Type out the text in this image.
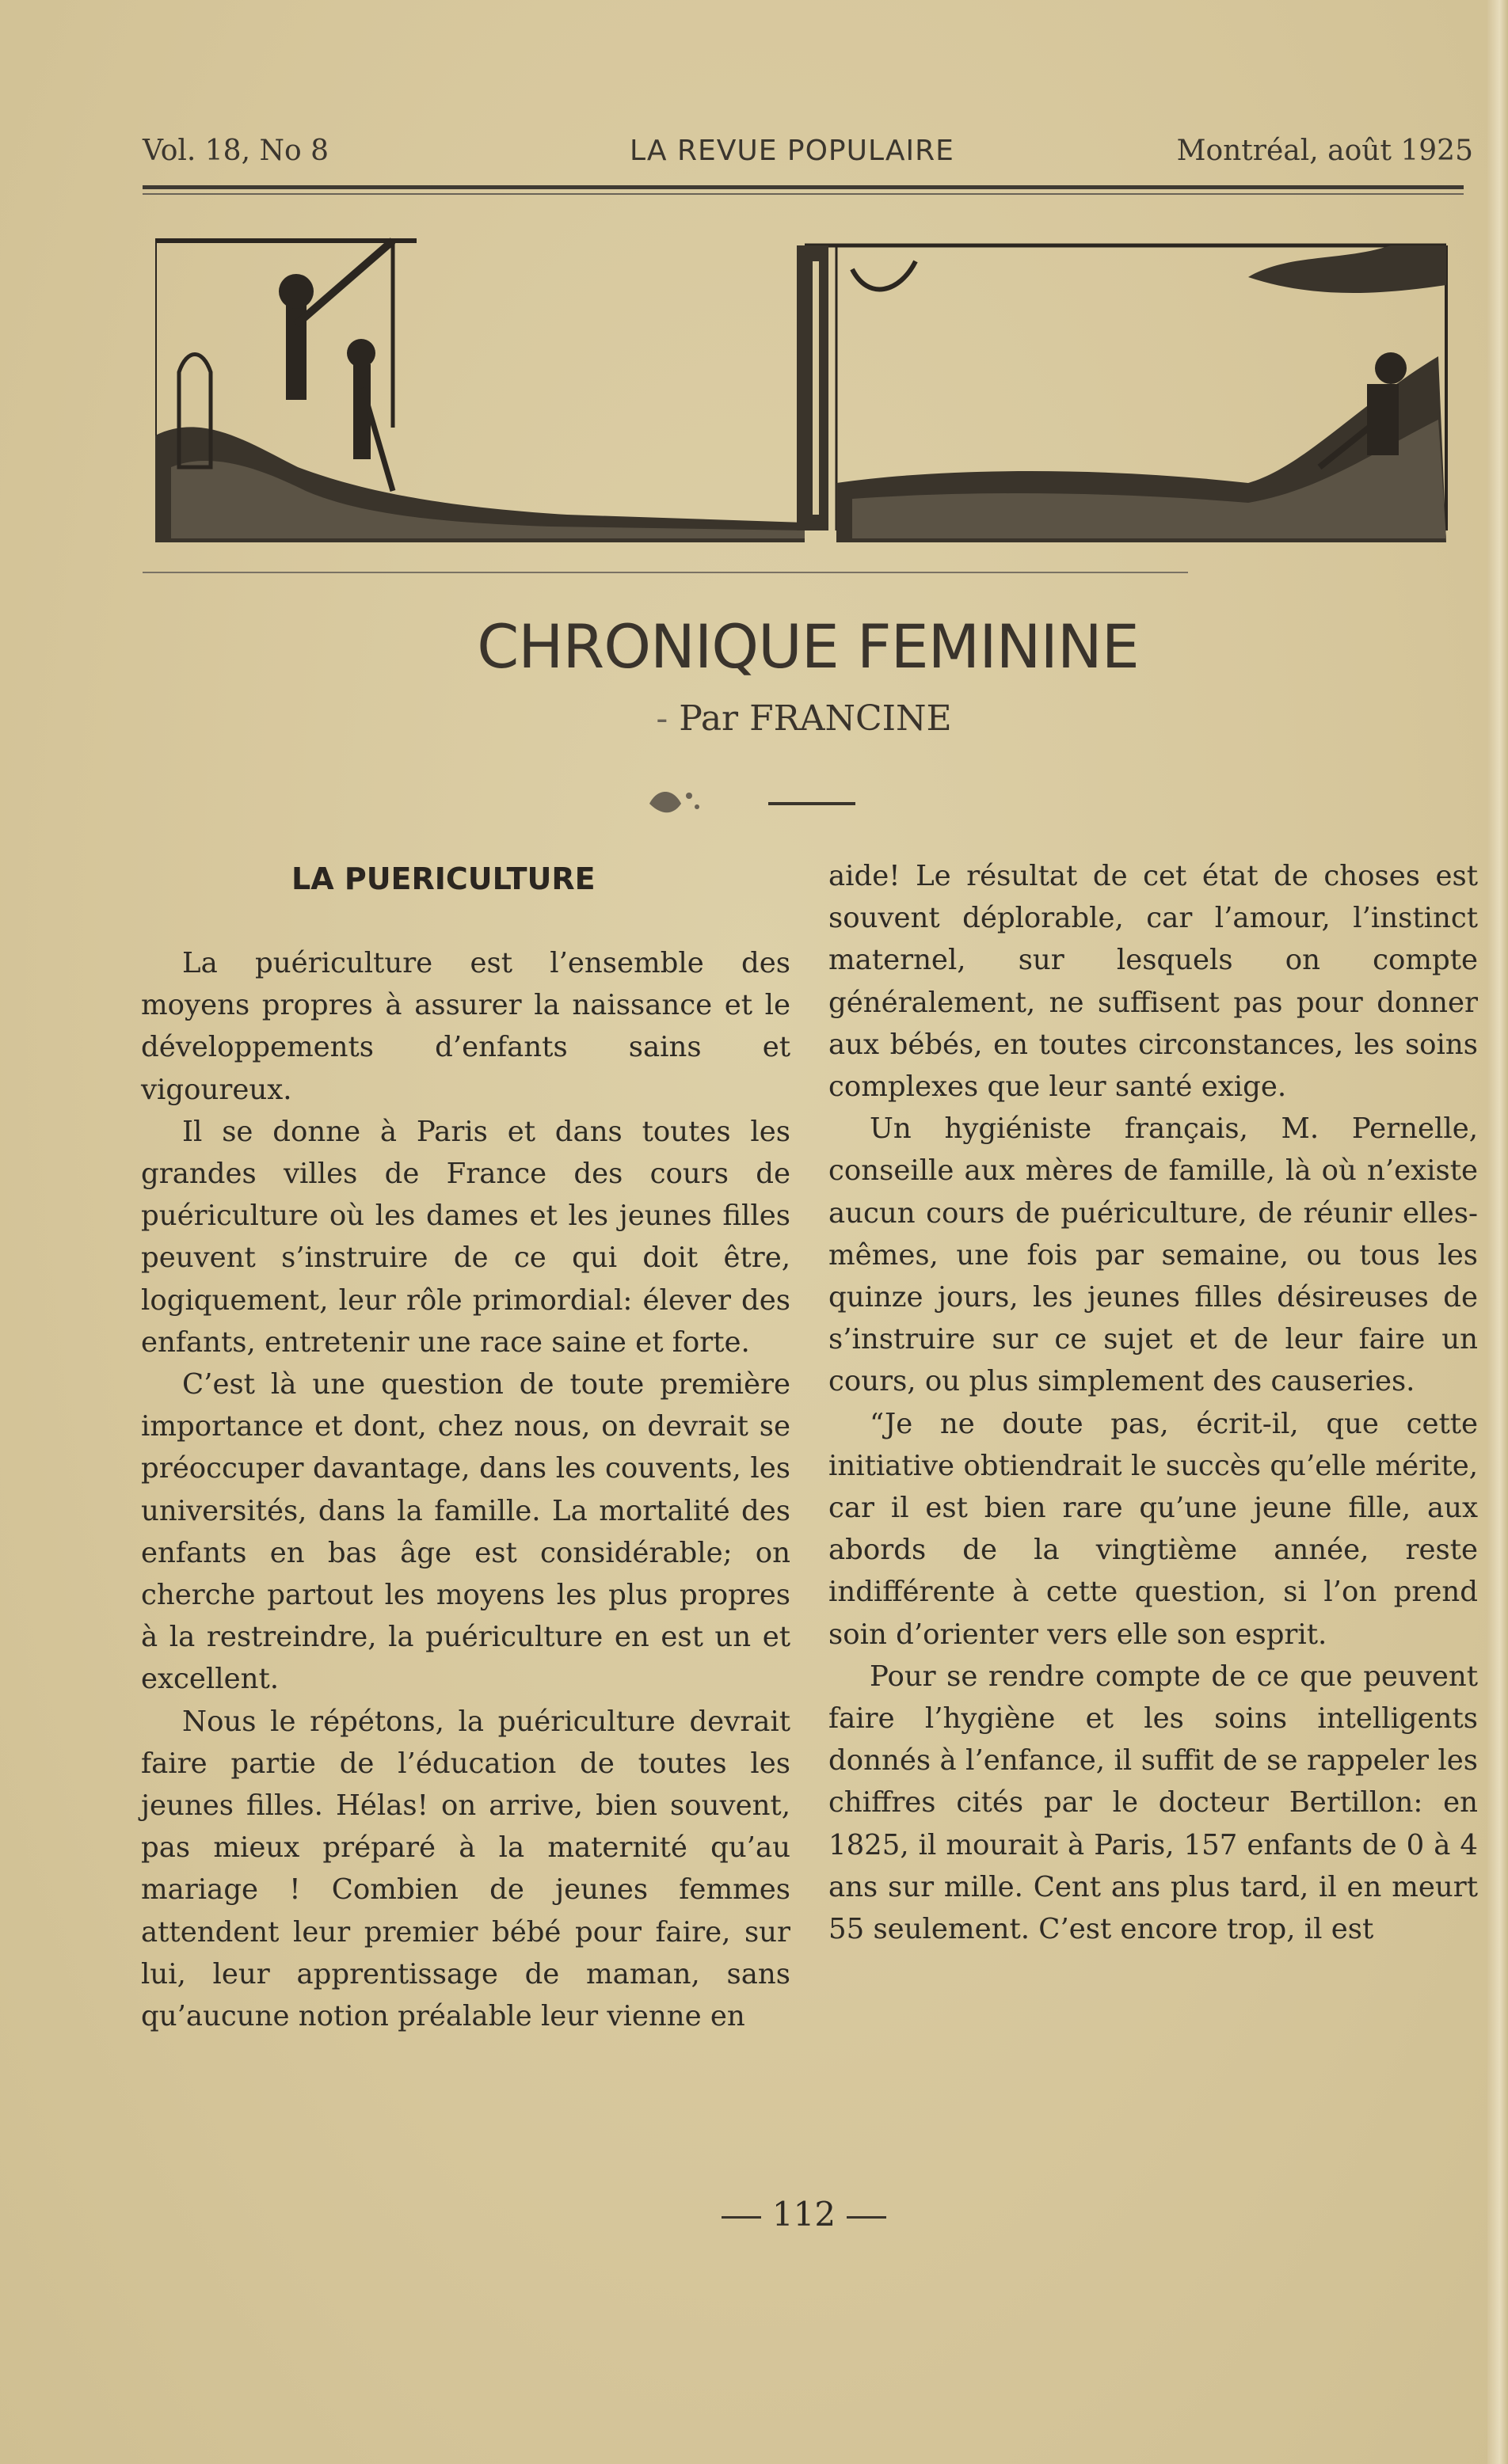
Vol. 18, No 8	LA REVUE POPULAIRE	Montréal, août 1925
CHRONIQUE FEMININE
- Par FRANCINE
LA PUERICULTURE

La puériculture est l’ensemble des moyens propres à assurer la naissance et le développements d’enfants sains et vigoureux.

Il se donne à Paris et dans toutes les grandes villes de France des cours de puériculture où les dames et les jeunes filles peuvent s’instruire de ce qui doit être, logiquement, leur rôle primordial: élever des enfants, entretenir une race saine et forte.

C’est là une question de toute première importance et dont, chez nous, on devrait se préoccuper davantage, dans les couvents, les universités, dans la famille. La mortalité des enfants en bas âge est considérable; on cherche partout les moyens les plus propres à la restreindre, la puériculture en est un et excellent.

Nous le répétons, la puériculture devrait faire partie de l’éducation de toutes les jeunes filles. Hélas! on arrive, bien souvent, pas mieux préparé à la maternité qu’au mariage ! Combien de jeunes femmes attendent leur premier bébé pour faire, sur lui, leur apprentissage de maman, sans qu’aucune notion préalable leur vienne en

aide! Le résultat de cet état de choses est souvent déplorable, car l’amour, l’instinct maternel, sur lesquels on compte généralement, ne suffisent pas pour donner aux bébés, en toutes circonstances, les soins complexes que leur santé exige.

Un hygiéniste français, M. Pernelle, conseille aux mères de famille, là où n’existe aucun cours de puériculture, de réunir elles-mêmes, une fois par semaine, ou tous les quinze jours, les jeunes filles désireuses de s’instruire sur ce sujet et de leur faire un cours, ou plus simplement des causeries.

“Je ne doute pas, écrit-il, que cette initiative obtiendrait le succès qu’elle mérite, car il est bien rare qu’une jeune fille, aux abords de la vingtième année, reste indifférente à cette question, si l’on prend soin d’orienter vers elle son esprit.

Pour se rendre compte de ce que peuvent faire l’hygiène et les soins intelligents donnés à l’enfance, il suffit de se rappeler les chiffres cités par le docteur Bertillon: en 1825, il mourait à Paris, 157 enfants de 0 à 4 ans sur mille. Cent ans plus tard, il en meurt 55 seulement. C’est encore trop, il est

112
